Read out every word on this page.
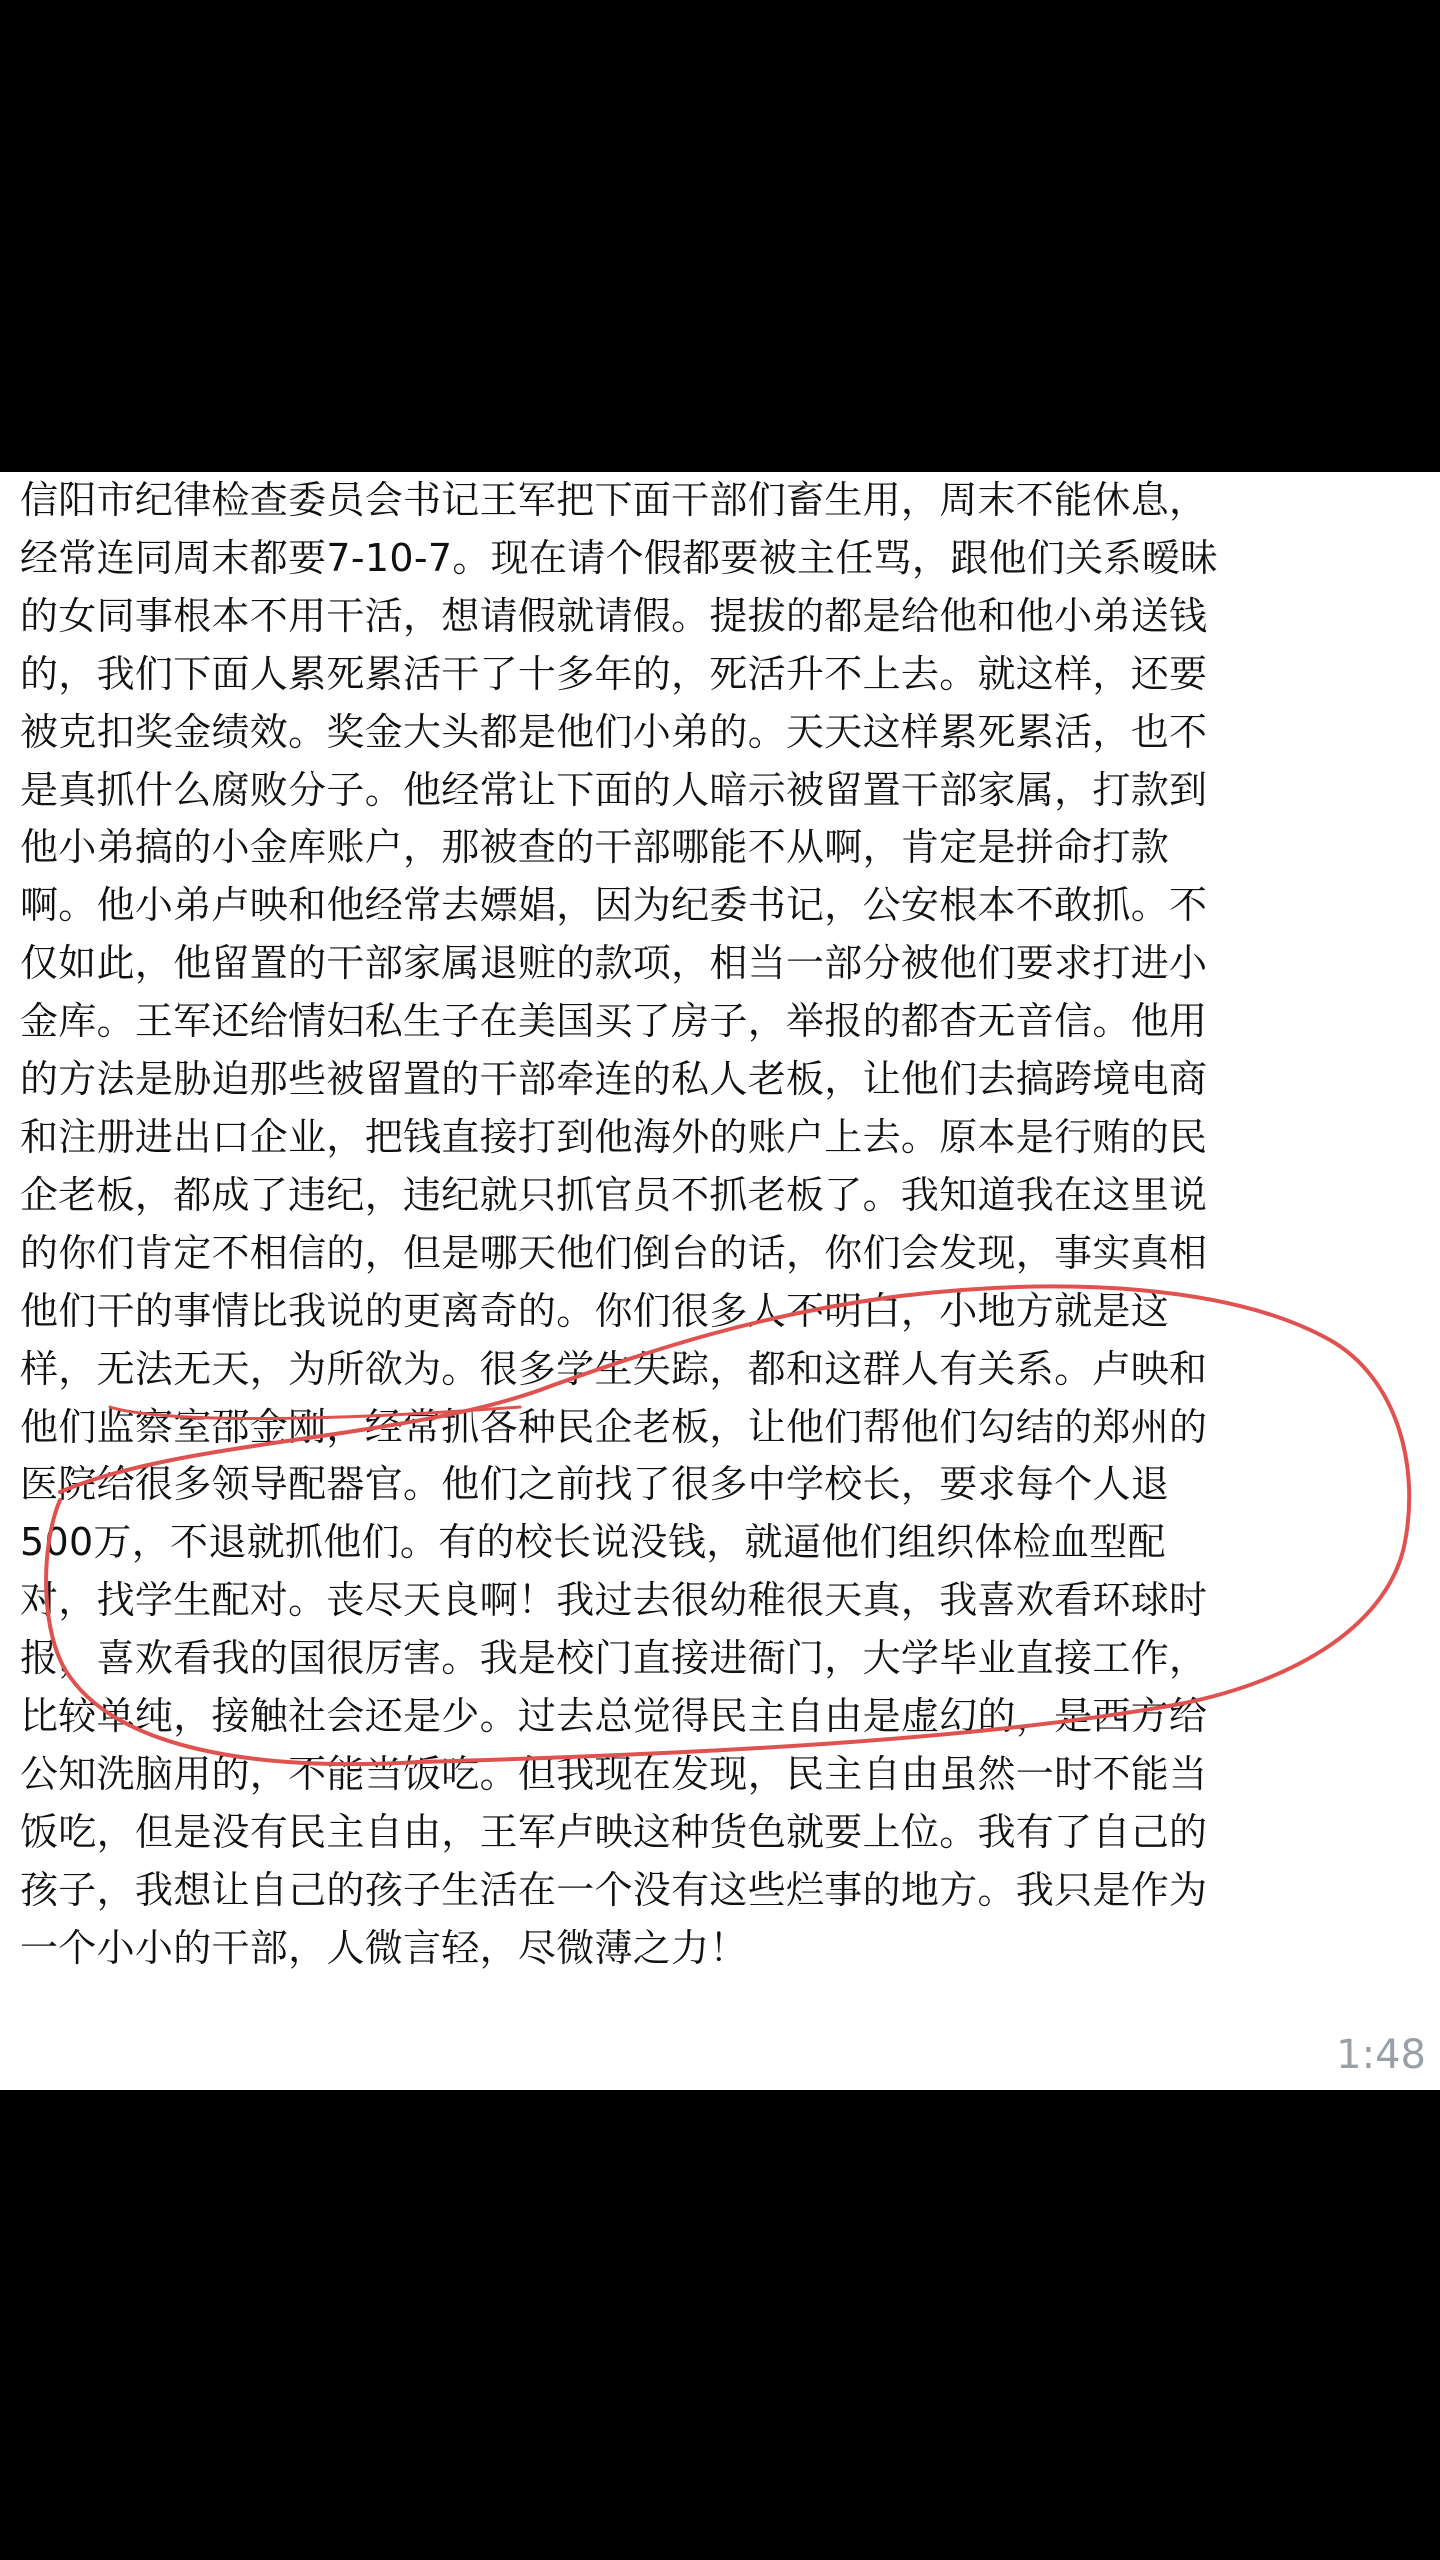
信阳市纪律检查委员会书记王军把下面干部们畜生用，周末不能休息，
经常连同周末都要7-10-7。现在请个假都要被主任骂，跟他们关系暧昧
的女同事根本不用干活，想请假就请假。提拔的都是给他和他小弟送钱
的，我们下面人累死累活干了十多年的，死活升不上去。就这样，还要
被克扣奖金绩效。奖金大头都是他们小弟的。天天这样累死累活，也不
是真抓什么腐败分子。他经常让下面的人暗示被留置干部家属，打款到
他小弟搞的小金库账户，那被查的干部哪能不从啊，肯定是拼命打款
啊。他小弟卢映和他经常去嫖娼，因为纪委书记，公安根本不敢抓。不
仅如此，他留置的干部家属退赃的款项，相当一部分被他们要求打进小
金库。王军还给情妇私生子在美国买了房子，举报的都杳无音信。他用
的方法是胁迫那些被留置的干部牵连的私人老板，让他们去搞跨境电商
和注册进出口企业，把钱直接打到他海外的账户上去。原本是行贿的民
企老板，都成了违纪，违纪就只抓官员不抓老板了。我知道我在这里说
的你们肯定不相信的，但是哪天他们倒台的话，你们会发现，事实真相
他们干的事情比我说的更离奇的。你们很多人不明白，小地方就是这
样，无法无天，为所欲为。很多学生失踪，都和这群人有关系。卢映和
他们监察室邵金刚，经常抓各种民企老板，让他们帮他们勾结的郑州的
医院给很多领导配器官。他们之前找了很多中学校长，要求每个人退
500万，不退就抓他们。有的校长说没钱，就逼他们组织体检血型配
对，找学生配对。丧尽天良啊！我过去很幼稚很天真，我喜欢看环球时
报，喜欢看我的国很厉害。我是校门直接进衙门，大学毕业直接工作，
比较单纯，接触社会还是少。过去总觉得民主自由是虚幻的，是西方给
公知洗脑用的，不能当饭吃。但我现在发现，民主自由虽然一时不能当
饭吃，但是没有民主自由，王军卢映这种货色就要上位。我有了自己的
孩子，我想让自己的孩子生活在一个没有这些烂事的地方。我只是作为
一个小小的干部，人微言轻，尽微薄之力！
1:48
